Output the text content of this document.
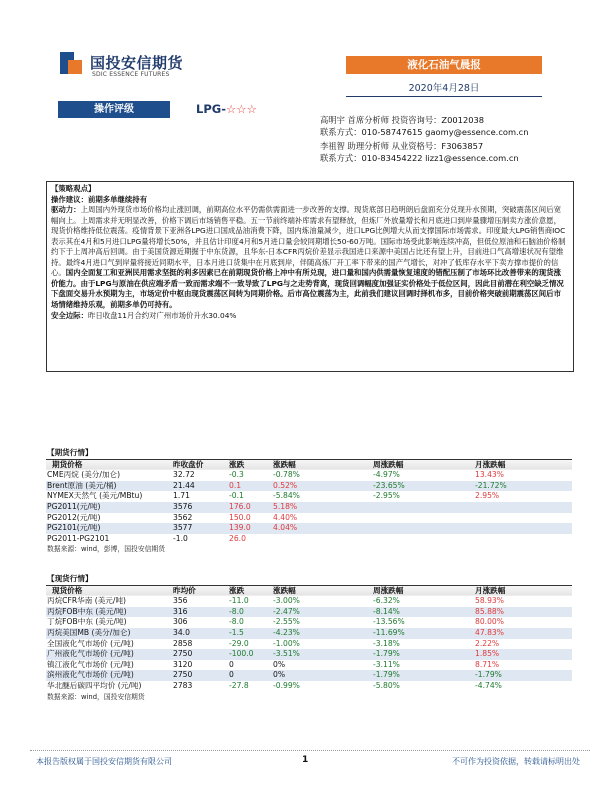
国投安信期货
SDIC ESSENCE FUTURES
液化石油气晨报
2020年4月28日
操作评级	LPG-☆☆☆
高明宇 首席分析师 投资咨询号：Z0012038
联系方式：010-58747615 gaomy@essence.com.cn
李祖智 助理分析师 从业资格号：F3063857
联系方式：010-83454222 lizz1@essence.com.cn

【策略观点】

操作建议：前期多单继续持有

驱动力：上周国内外现货市场价格均止涨回调，前期高位水平仍需供需面进一步改善的支撑。现货底部日趋明朗后盘面充分兑现升水预期，突破震荡区间后宽幅向上。上周需求并无明显改善，价格下调后市场销售平稳。五一节前终端补库需求有望释放，但炼厂外放量增长和月底进口到岸量骤增压制卖方涨价意愿，现货价格维持低位震荡。疫情背景下亚洲各LPG进口国成品油消费下降，国内炼油量减少，进口LPG比例增大从而支撑国际市场需求。印度最大LPG销售商IOC表示其在4月和5月进口LPG量将增长50%，并且估计印度4月和5月进口量会较同期增长50-60万吨。国际市场受此影响连续冲高，但低位原油和石脑油价格制约下于上周冲高后回调。由于美国货源近期掘于中东货源，且华东-日本CFR丙烷价差显示我国进口来源中美国占比还有望上升，目前进口气高增速状况有望维持。最终4月进口气到岸量将接近同期水平，日本月进口货集中在月底到岸，伴随高炼厂开工率下带来的国产气增长，对冲了低库存水平下卖方撑市提价的信心。国内全面复工和亚洲民用需求坚挺的利多因素已在前期现货价格上冲中有所兑现，进口量和国内供需量恢复速度的错配压制了市场环比改善带来的现货涨价能力。由于LPG与原油在供应端矛盾一致而需求端不一致导致了LPG与之走势背离，现货回调幅度加强证实价格处于低位区间，因此目前潜在利空缺乏情况下盘面交易升水预期为主，市场定价中枢由现货震荡区间转为同期价格。后市高位震荡为主，此前我们建议回调时择机布多，目前价格突破前期震荡区间后市场情绪维持乐观，前期多单仍可持有。

安全边际：昨日收盘11月合约对广州市场价升水30.04%

【期货行情】					
期货价格	昨收盘价	涨跌	涨跌幅	周涨跌幅	月涨跌幅
CME丙烷 (美分/加仑)	32.72	-0.3	-0.78%	-4.97%	13.43%
Brent原油 (美元/桶)	21.44	0.1	0.52%	-23.65%	-21.72%
NYMEX天然气 (美元/MBtu)	1.71	-0.1	-5.84%	-2.95%	2.95%
PG2011(元/吨)	3576	176.0	5.18%		
PG2012(元/吨)	3562	150.0	4.40%		
PG2101(元/吨)	3577	139.0	4.04%		
PG2011-PG2101	-1.0	26.0			
数据来源：wind，彭博，国投安信期货					
【现货行情】					
现货价格	昨均价	涨跌	涨跌幅	周涨跌幅	月涨跌幅
丙烷CFR华南 (美元/吨)	356	-11.0	-3.00%	-6.32%	58.93%
丙烷FOB中东 (美元/吨)	316	-8.0	-2.47%	-8.14%	85.88%
丁烷FOB中东 (美元/吨)	306	-8.0	-2.55%	-13.56%	80.00%
丙烷美国MB (美分/加仑)	34.0	-1.5	-4.23%	-11.69%	47.83%
全国液化气市场价 (元/吨)	2858	-29.0	-1.00%	-3.18%	2.22%
广州液化气市场价 (元/吨)	2750	-100.0	-3.51%	-1.79%	1.85%
镇江液化气市场价 (元/吨)	3120	0	0%	-3.11%	8.71%
滨州液化气市场价 (元/吨)	2750	0	0%	-1.79%	-1.79%
华北醚后碳四平均价 (元/吨)	2783	-27.8	-0.99%	-5.80%	-4.74%
数据来源：wind，国投安信期货					
本报告版权属于国投安信期货有限公司	1	不可作为投资依据，转载请标明出处
